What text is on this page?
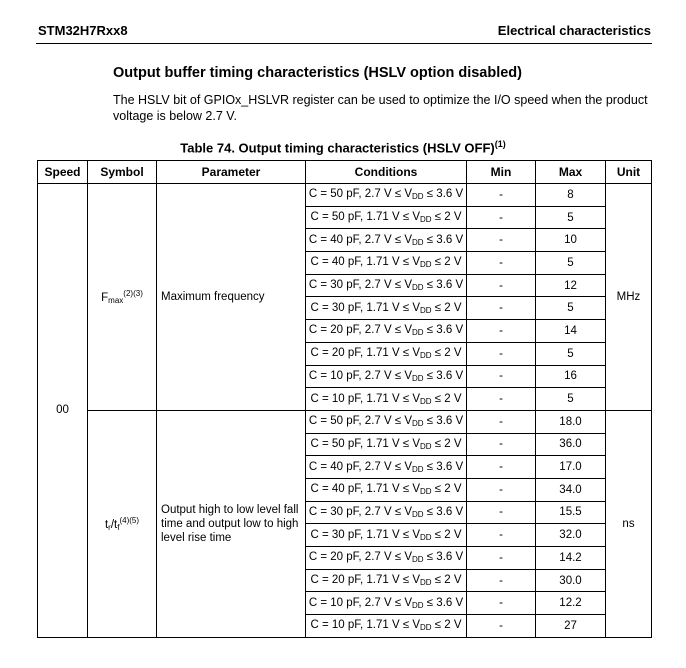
STM32H7Rxx8	Electrical characteristics
Output buffer timing characteristics (HSLV option disabled)
The HSLV bit of GPIOx_HSLVR register can be used to optimize the I/O speed when the product voltage is below 2.7 V.
Table 74. Output timing characteristics (HSLV OFF)$^{(1)}$
Speed	Symbol	Parameter	Conditions	Min	Max	Unit
00	$F_{max}^{(2)(3)}$	Maximum frequency	C = 50 pF, 2.7 $V \le V_{DD} \le 3.6$ V	-	8	MHz
			C = 50 pF, 1.71 $V \le V_{DD} \le 2$ V	-	5	
			C = 40 pF, 2.7 $V \le V_{DD} \le 3.6$ V	-	10	
			C = 40 pF, 1.71 $V \le V_{DD} \le 2$ V	-	5	
			C = 30 pF, 2.7 $V \le V_{DD} \le 3.6$ V	-	12	
			C = 30 pF, 1.71 $V \le V_{DD} \le 2$ V	-	5	
			C = 20 pF, 2.7 $V \le V_{DD} \le 3.6$ V	-	14	
			C = 20 pF, 1.71 $V \le V_{DD} \le 2$ V	-	5	
			C = 10 pF, 2.7 $V \le V_{DD} \le 3.6$ V	-	16	
			C = 10 pF, 1.71 $V \le V_{DD} \le 2$ V	-	5	
	$t_r/t_f^{(4)(5)}$	Output high to low level fall time and output low to high level rise time	C = 50 pF, 2.7 $V \le V_{DD} \le 3.6$ V	-	18.0	ns
			C = 50 pF, 1.71 $V \le V_{DD} \le 2$ V	-	36.0	
			C = 40 pF, 2.7 $V \le V_{DD} \le 3.6$ V	-	17.0	
			C = 40 pF, 1.71 $V \le V_{DD} \le 2$ V	-	34.0	
			C = 30 pF, 2.7 $V \le V_{DD} \le 3.6$ V	-	15.5	
			C = 30 pF, 1.71 $V \le V_{DD} \le 2$ V	-	32.0	
			C = 20 pF, 2.7 $V \le V_{DD} \le 3.6$ V	-	14.2	
			C = 20 pF, 1.71 $V \le V_{DD} \le 2$ V	-	30.0	
			C = 10 pF, 2.7 $V \le V_{DD} \le 3.6$ V	-	12.2	
			C = 10 pF, 1.71 $V \le V_{DD} \le 2$ V	-	27	
